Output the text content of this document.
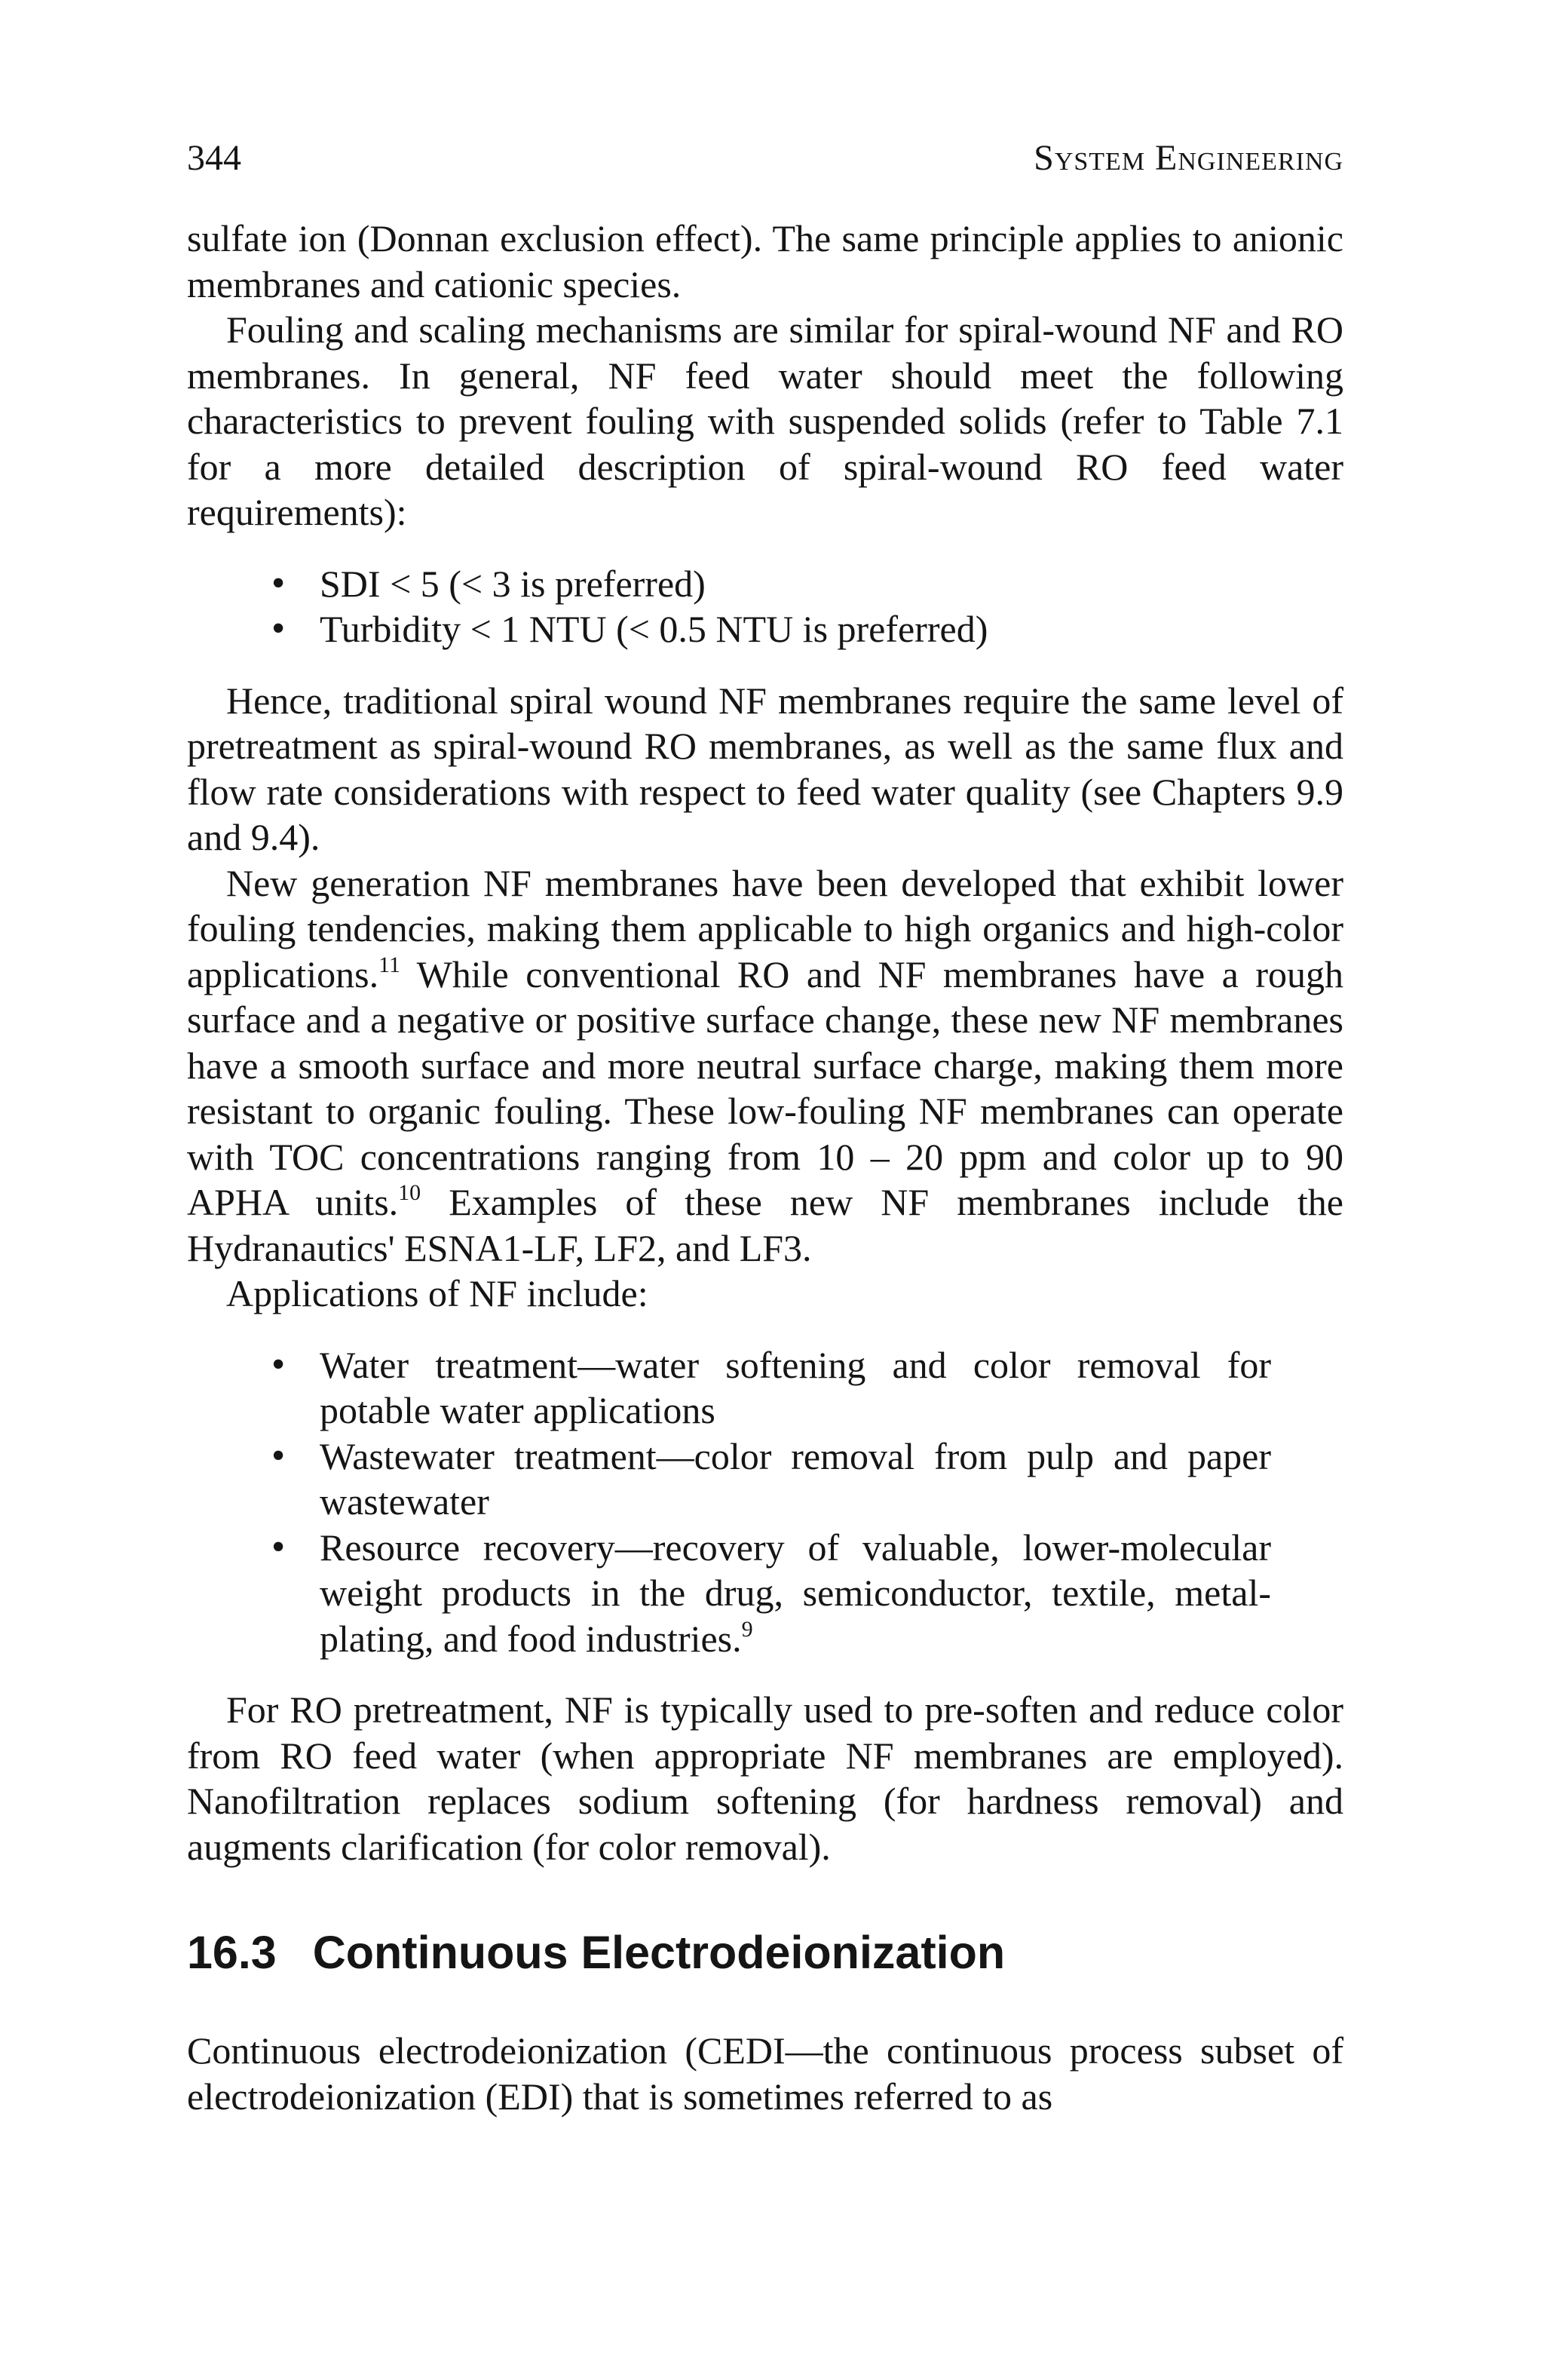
344	System Engineering

sulfate ion (Donnan exclusion effect). The same principle applies to anionic membranes and cationic species.

Fouling and scaling mechanisms are similar for spiral-wound NF and RO membranes. In general, NF feed water should meet the following characteristics to prevent fouling with suspended solids (refer to Table 7.1 for a more detailed description of spiral-wound RO feed water requirements):

• SDI < 5 (< 3 is preferred)
• Turbidity < 1 NTU (< 0.5 NTU is preferred)

Hence, traditional spiral wound NF membranes require the same level of pretreatment as spiral-wound RO membranes, as well as the same flux and flow rate considerations with respect to feed water quality (see Chapters 9.9 and 9.4).

New generation NF membranes have been developed that exhibit lower fouling tendencies, making them applicable to high organics and high-color applications.$^{11}$ While conventional RO and NF membranes have a rough surface and a negative or positive surface change, these new NF membranes have a smooth surface and more neutral surface charge, making them more resistant to organic fouling. These low-fouling NF membranes can operate with TOC concentrations ranging from 10 – 20 ppm and color up to 90 APHA units.$^{10}$ Examples of these new NF membranes include the Hydranautics' ESNA1-LF, LF2, and LF3.

Applications of NF include:

• Water treatment—water softening and color removal for potable water applications
• Wastewater treatment—color removal from pulp and paper wastewater
• Resource recovery—recovery of valuable, lower-molecular weight products in the drug, semiconductor, textile, metal-plating, and food industries.$^9$

For RO pretreatment, NF is typically used to pre-soften and reduce color from RO feed water (when appropriate NF membranes are employed). Nanofiltration replaces sodium softening (for hardness removal) and augments clarification (for color removal).

16.3 Continuous Electrodeionization

Continuous electrodeionization (CEDI—the continuous process subset of electrodeionization (EDI) that is sometimes referred to as
